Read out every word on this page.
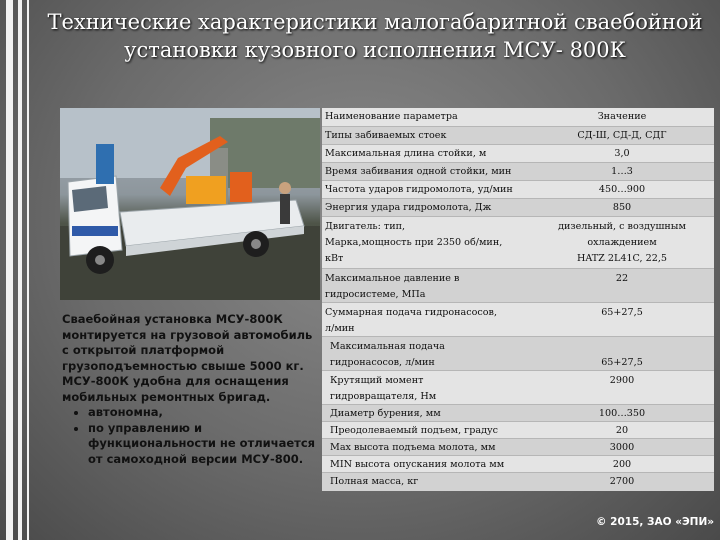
Технические характеристики малогабаритной сваебойной
установки кузовного исполнения МСУ- 800К

Сваебойная установка МСУ-800К монтируется на грузовой автомобиль с открытой платформой грузоподъемностью свыше 5000 кг.

МСУ-800К удобна для оснащения мобильных ремонтных бригад.

• автономна,
• по управлению и функциональности не отличается от самоходной версии МСУ-800.
Наименование параметра	Значение
Типы забиваемых стоек	СД-Ш, СД-Д, СДГ
Максимальная длина стойки, м	3,0
Время забивания одной стойки, мин	1…3
Частота ударов гидромолота, уд/мин	450…900
Энергия удара гидромолота, Дж	850
Двигатель: тип,	дизельный, с воздушным
Марка,мощность при 2350 об/мин,	охлаждением
кВт	HATZ 2L41C, 22,5
Максимальное давление в	22
гидросистеме, МПа
Суммарная подача гидронасосов,	65+27,5
л/мин
Максимальная подача
гидронасосов, л/мин	65+27,5
Крутящий момент	2900
гидровращателя, Нм
Диаметр бурения, мм	100…350
Преодолеваемый подъем, градус	20
Max высота подъема молота, мм	3000
MIN высота опускания молота мм	200
Полная масса, кг	2700
© 2015, ЗАО «ЭПИ»
